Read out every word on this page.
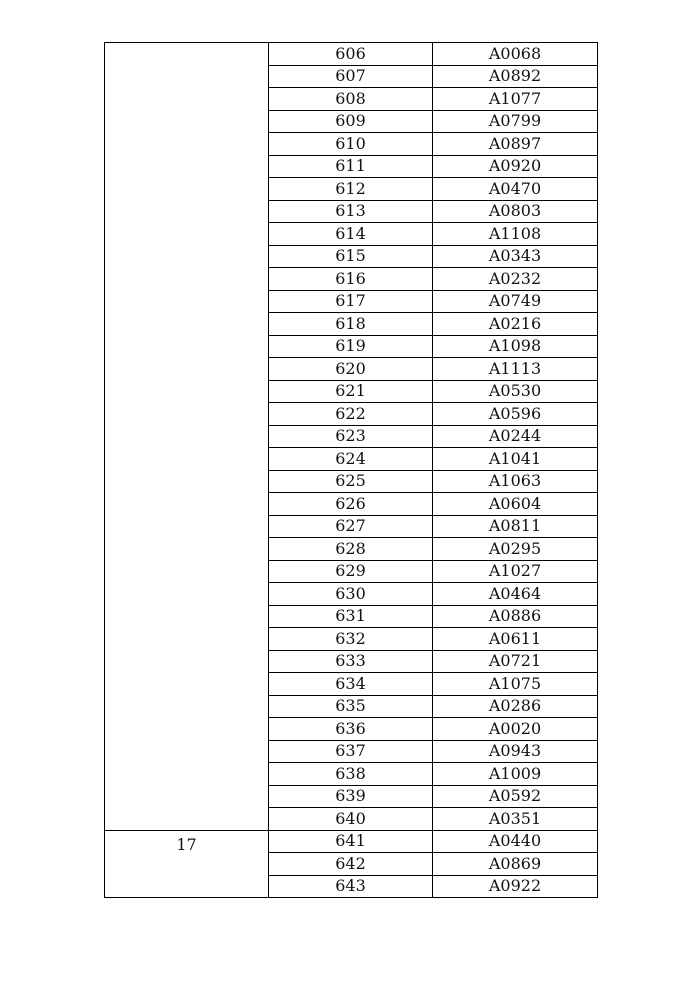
	606	A0068
	607	A0892
	608	A1077
	609	A0799
	610	A0897
	611	A0920
	612	A0470
	613	A0803
	614	A1108
	615	A0343
	616	A0232
	617	A0749
	618	A0216
	619	A1098
	620	A1113
	621	A0530
	622	A0596
	623	A0244
	624	A1041
	625	A1063
	626	A0604
	627	A0811
	628	A0295
	629	A1027
	630	A0464
	631	A0886
	632	A0611
	633	A0721
	634	A1075
	635	A0286
	636	A0020
	637	A0943
	638	A1009
	639	A0592
	640	A0351
17	641	A0440
	642	A0869
	643	A0922
